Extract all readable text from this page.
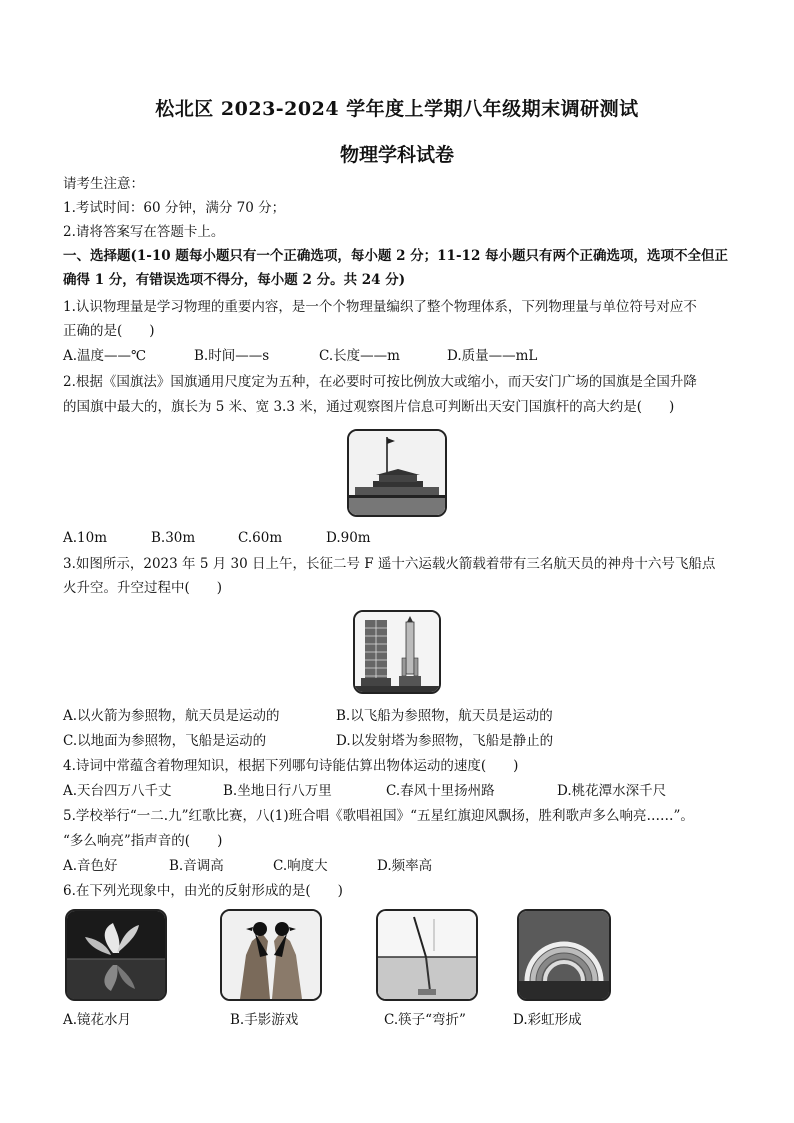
松北区 2023-2024 学年度上学期八年级期末调研测试
物理学科试卷
请考生注意：
1.考试时间：60 分钟，满分 70 分；
2.请将答案写在答题卡上。
一、选择题(1-10 题每小题只有一个正确选项，每小题 2 分；11-12 每小题只有两个正确选项，选项不全但正
确得 1 分，有错误选项不得分，每小题 2 分。共 24 分)
1.认识物理量是学习物理的重要内容，是一个个物理量编织了整个物理体系，下列物理量与单位符号对应不
正确的是(　　)
A.温度——℃	B.时间——s	C.长度——m	D.质量——mL
2.根据《国旗法》国旗通用尺度定为五种，在必要时可按比例放大或缩小，而天安门广场的国旗是全国升降
的国旗中最大的，旗长为 5 米、宽 3.3 米，通过观察图片信息可判断出天安门国旗杆的高大约是(　　)
A.10m	B.30m	C.60m	D.90m
3.如图所示，2023 年 5 月 30 日上午，长征二号 F 遥十六运载火箭载着带有三名航天员的神舟十六号飞船点
火升空。升空过程中(　　)
A.以火箭为参照物，航天员是运动的	B.以飞船为参照物，航天员是运动的
C.以地面为参照物，飞船是运动的	D.以发射塔为参照物，飞船是静止的
4.诗词中常蕴含着物理知识，根据下列哪句诗能估算出物体运动的速度(　　)
A.天台四万八千丈	B.坐地日行八万里	C.春风十里扬州路	D.桃花潭水深千尺
5.学校举行“一二.九”红歌比赛，八(1)班合唱《歌唱祖国》“五星红旗迎风飘扬，胜利歌声多么响亮……”。
“多么响亮”指声音的(　　)
A.音色好	B.音调高	C.响度大	D.频率高
6.在下列光现象中，由光的反射形成的是(　　)
A.镜花水月	B.手影游戏	C.筷子“弯折”	D.彩虹形成
